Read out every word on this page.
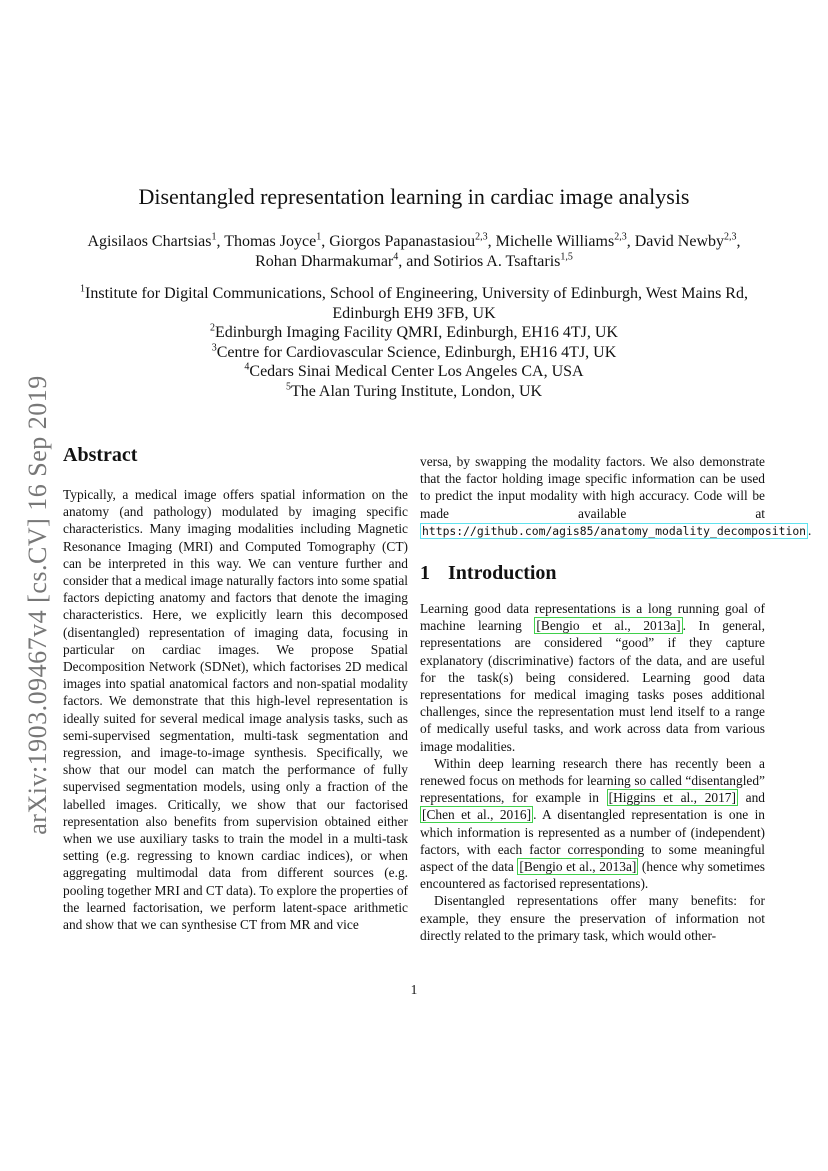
arXiv:1903.09467v4 [cs.CV] 16 Sep 2019
Disentangled representation learning in cardiac image analysis
Agisilaos Chartsias$^1$, Thomas Joyce$^1$, Giorgos Papanastasiou$^{2,3}$, Michelle Williams$^{2,3}$, David Newby$^{2,3}$, Rohan Dharmakumar$^4$, and Sotirios A. Tsaftaris$^{1,5}$
$^1$Institute for Digital Communications, School of Engineering, University of Edinburgh, West Mains Rd, Edinburgh EH9 3FB, UK
$^2$Edinburgh Imaging Facility QMRI, Edinburgh, EH16 4TJ, UK
$^3$Centre for Cardiovascular Science, Edinburgh, EH16 4TJ, UK
$^4$Cedars Sinai Medical Center Los Angeles CA, USA
$^5$The Alan Turing Institute, London, UK
Abstract
Typically, a medical image offers spatial information on the anatomy (and pathology) modulated by imaging specific characteristics. Many imaging modalities including Magnetic Resonance Imaging (MRI) and Computed Tomography (CT) can be interpreted in this way. We can venture further and consider that a medical image naturally factors into some spatial factors depicting anatomy and factors that denote the imaging characteristics. Here, we explicitly learn this decomposed (disentangled) representation of imaging data, focusing in particular on cardiac images. We propose Spatial Decomposition Network (SDNet), which factorises 2D medical images into spatial anatomical factors and non-spatial modality factors. We demonstrate that this high-level representation is ideally suited for several medical image analysis tasks, such as semi-supervised segmentation, multi-task segmentation and regression, and image-to-image synthesis. Specifically, we show that our model can match the performance of fully supervised segmentation models, using only a fraction of the labelled images. Critically, we show that our factorised representation also benefits from supervision obtained either when we use auxiliary tasks to train the model in a multi-task setting (e.g. regressing to known cardiac indices), or when aggregating multimodal data from different sources (e.g. pooling together MRI and CT data). To explore the properties of the learned factorisation, we perform latent-space arithmetic and show that we can synthesise CT from MR and vice
versa, by swapping the modality factors. We also demonstrate that the factor holding image specific information can be used to predict the input modality with high accuracy. Code will be made available at https://github.com/agis85/anatomy_modality_decomposition .
1 Introduction

Learning good data representations is a long running goal of machine learning [Bengio et al., 2013a] . In general, representations are considered “good” if they capture explanatory (discriminative) factors of the data, and are useful for the task(s) being considered. Learning good data representations for medical imaging tasks poses additional challenges, since the representation must lend itself to a range of medically useful tasks, and work across data from various image modalities.

Within deep learning research there has recently been a renewed focus on methods for learning so called “disentangled” representations, for example in [Higgins et al., 2017] and [Chen et al., 2016] . A disentangled representation is one in which information is represented as a number of (independent) factors, with each factor corresponding to some meaningful aspect of the data [Bengio et al., 2013a] (hence why sometimes encountered as factorised representations).

Disentangled representations offer many benefits: for example, they ensure the preservation of information not directly related to the primary task, which would other-

1
